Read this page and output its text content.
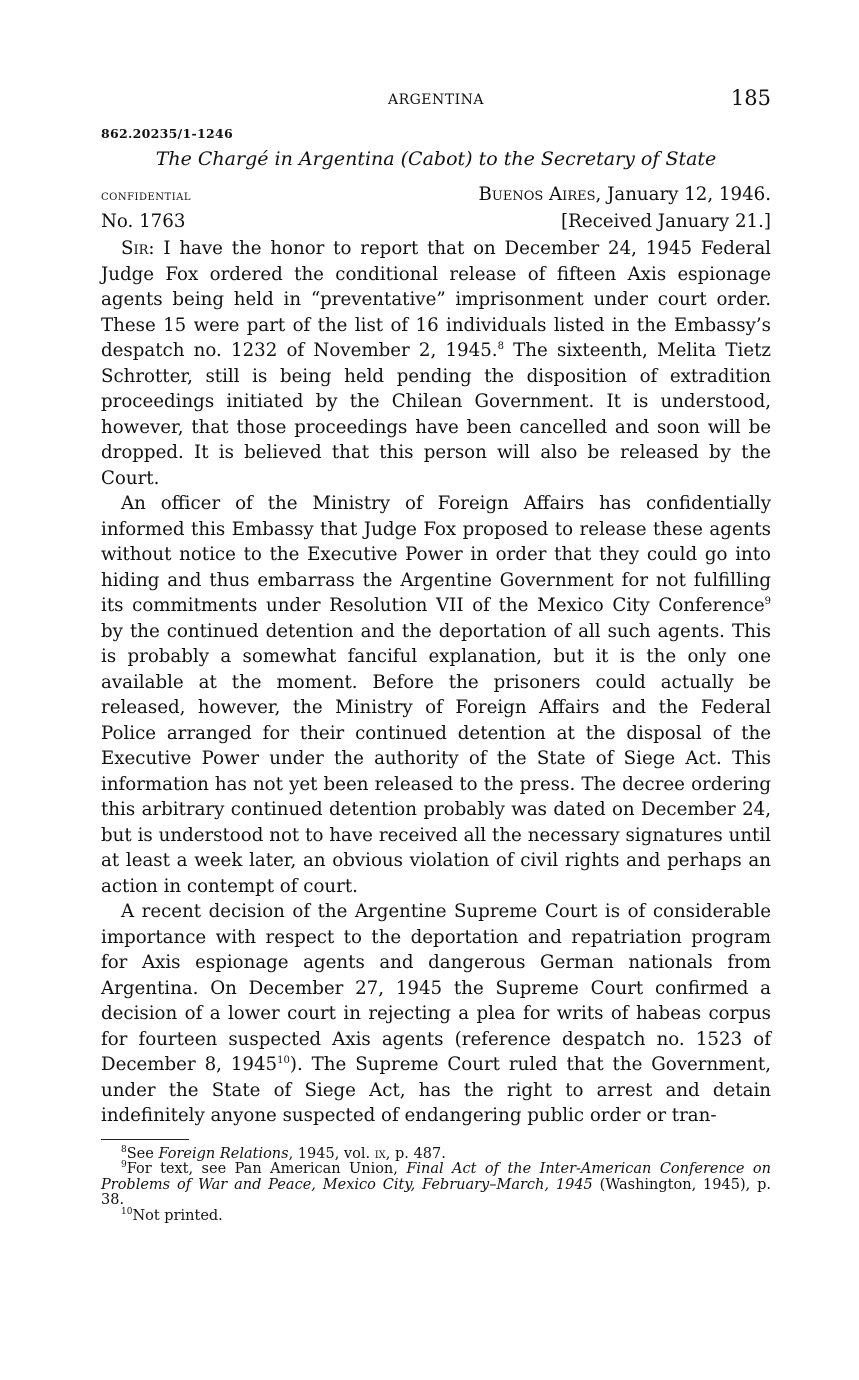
ARGENTINA	185
862.20235/1-1246
The Chargé in Argentina (Cabot) to the Secretary of State
confidential	Buenos Aires, January 12, 1946.
No. 1763	[Received January 21.]

Sir: I have the honor to report that on December 24, 1945 Federal Judge Fox ordered the conditional release of fifteen Axis espionage agents being held in “preventative” imprisonment under court order. These 15 were part of the list of 16 individuals listed in the Embassy’s despatch no. 1232 of November 2, 1945.$^8$ The sixteenth, Melita Tietz Schrotter, still is being held pending the disposition of extradition proceedings initiated by the Chilean Government. It is understood, however, that those proceedings have been cancelled and soon will be dropped. It is believed that this person will also be released by the Court.

An officer of the Ministry of Foreign Affairs has confidentially informed this Embassy that Judge Fox proposed to release these agents without notice to the Executive Power in order that they could go into hiding and thus embarrass the Argentine Government for not fulfilling its commitments under Resolution VII of the Mexico City Conference$^9$ by the continued detention and the deportation of all such agents. This is probably a somewhat fanciful explanation, but it is the only one available at the moment. Before the prisoners could actually be released, however, the Ministry of Foreign Affairs and the Federal Police arranged for their continued detention at the disposal of the Executive Power under the authority of the State of Siege Act. This information has not yet been released to the press. The decree ordering this arbitrary continued detention probably was dated on December 24, but is understood not to have received all the necessary signatures until at least a week later, an obvious violation of civil rights and perhaps an action in contempt of court.

A recent decision of the Argentine Supreme Court is of considerable importance with respect to the deportation and repatriation program for Axis espionage agents and dangerous German nationals from Argentina. On December 27, 1945 the Supreme Court confirmed a decision of a lower court in rejecting a plea for writs of habeas corpus for fourteen suspected Axis agents (reference despatch no. 1523 of December 8, 1945$^{10}$). The Supreme Court ruled that the Government, under the State of Siege Act, has the right to arrest and detain indefinitely anyone suspected of endangering public order or tran-

$^8$See Foreign Relations, 1945, vol. ix, p. 487.

$^9$For text, see Pan American Union, Final Act of the Inter-American Conference on Problems of War and Peace, Mexico City, February–March, 1945 (Washington, 1945), p. 38.

$^{10}$Not printed.
